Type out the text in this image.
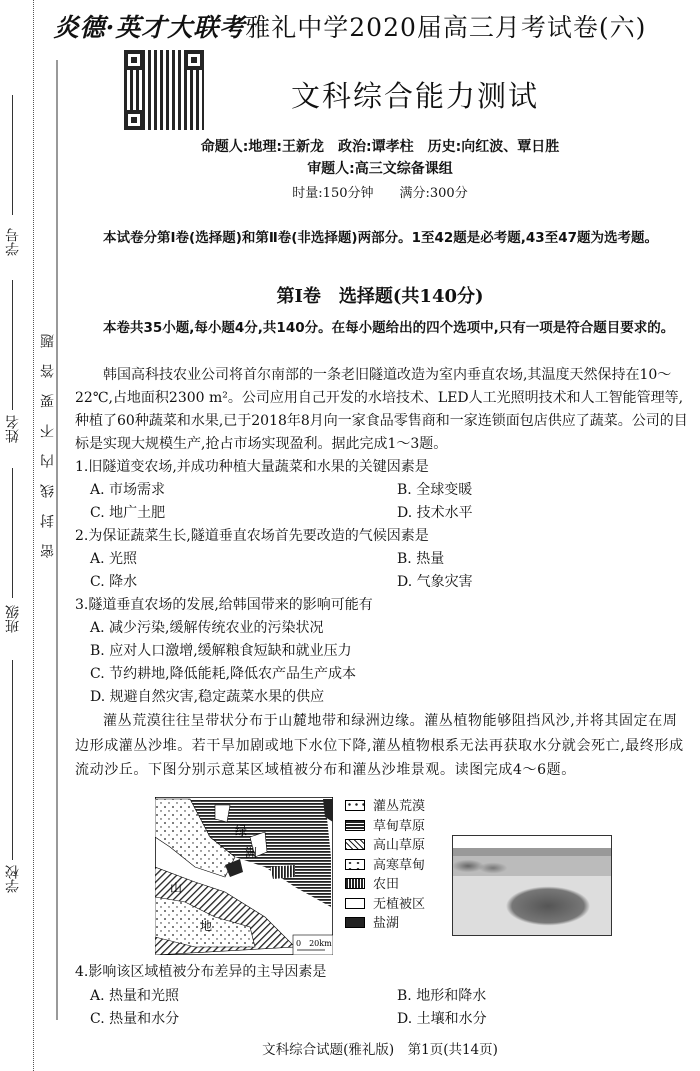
学号
姓名
班级
学校
密封线内不要答题
炎德·英才大联考雅礼中学2020届高三月考试卷(六)
文科综合能力测试
命题人:地理:王新龙　政治:谭孝柱　历史:向红波、覃日胜
审题人:高三文综备课组
时量:150分钟   满分:300分
本试卷分第Ⅰ卷(选择题)和第Ⅱ卷(非选择题)两部分。1至42题是必考题,43至47题为选考题。
第Ⅰ卷　选择题(共140分)
本卷共35小题,每小题4分,共140分。在每小题给出的四个选项中,只有一项是符合题目要求的。
韩国高科技农业公司将首尔南部的一条老旧隧道改造为室内垂直农场,其温度天然保持在10～22℃,占地面积2300 m²。公司应用自己开发的水培技术、LED人工光照明技术和人工智能管理等,种植了60种蔬菜和水果,已于2018年8月向一家食品零售商和一家连锁面包店供应了蔬菜。公司的目标是实现大规模生产,抢占市场实现盈利。据此完成1～3题。
1.旧隧道变农场,并成功种植大量蔬菜和水果的关键因素是
A. 市场需求	B. 全球变暖
C. 地广土肥	D. 技术水平
2.为保证蔬菜生长,隧道垂直农场首先要改造的气候因素是
A. 光照	B. 热量
C. 降水	D. 气象灾害
3.隧道垂直农场的发展,给韩国带来的影响可能有
A. 减少污染,缓解传统农业的污染状况
B. 应对人口激增,缓解粮食短缺和就业压力
C. 节约耕地,降低能耗,降低农产品生产成本
D. 规避自然灾害,稳定蔬菜水果的供应
灌丛荒漠往往呈带状分布于山麓地带和绿洲边缘。灌丛植物能够阻挡风沙,并将其固定在周边形成灌丛沙堆。若干旱加剧或地下水位下降,灌丛植物根系无法再获取水分就会死亡,最终形成流动沙丘。下图分别示意某区域植被分布和灌丛沙堆景观。读图完成4～6题。
绿
洲
山
地
0　20km
灌丛荒漠
草甸草原
高山草原
高寒草甸
农田
无植被区
盐湖
4.影响该区域植被分布差异的主导因素是
A. 热量和光照	B. 地形和降水
C. 热量和水分	D. 土壤和水分
文科综合试题(雅礼版)　第1页(共14页)
